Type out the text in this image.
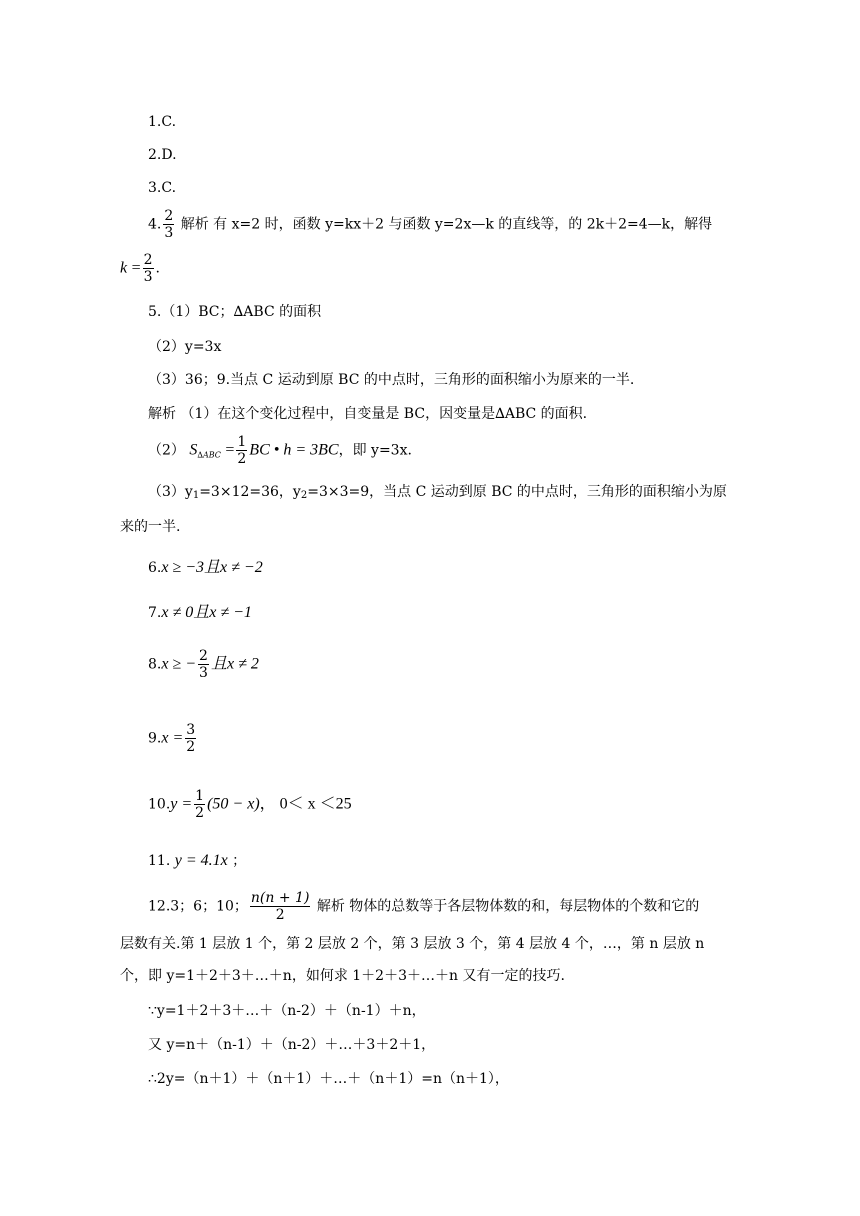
1.C.
2.D.
3.C.
4. $\frac{2}{3}$ 解析 有 x=2 时，函数 y=kx＋2 与函数 y=2x—k 的直线等，的 2k＋2=4—k，解得
$k = \frac{2}{3}$ .
5.（1）BC；∆ABC 的面积
（2）y=3x
（3）36；9.当点 C 运动到原 BC 的中点时，三角形的面积缩小为原来的一半.
解析 （1）在这个变化过程中，自变量是 BC，因变量是∆ABC 的面积.
（2） $S_{\Delta ABC} = \frac{1}{2}$ BC • h = 3BC，即 y=3x.
（3）y1=3×12=36，y2=3×3=9，当点 C 运动到原 BC 的中点时，三角形的面积缩小为原
来的一半.
6.x ≥ −3且x ≠ −2
7.x ≠ 0且x ≠ −1
8.x ≥ − $\frac{2}{3}$ 且x ≠ 2
$9.x = \frac{3}{2}$
$10.y = \frac{1}{2} (50 - x)$， 0＜ x ＜25
11. y = 4.1x ；
12.3；6；10； $\frac{n(n + 1)}{2}$ 解析 物体的总数等于各层物体数的和，每层物体的个数和它的
层数有关.第 1 层放 1 个，第 2 层放 2 个，第 3 层放 3 个，第 4 层放 4 个，…，第 n 层放 n
个，即 y=1＋2＋3＋…＋n，如何求 1＋2＋3＋…＋n 又有一定的技巧.
∵y=1＋2＋3＋…＋（n-2）＋（n-1）＋n，
又 y=n＋（n-1）＋（n-2）＋…＋3＋2＋1，
∴2y=（n＋1）＋（n＋1）＋…＋（n＋1）=n（n＋1），
